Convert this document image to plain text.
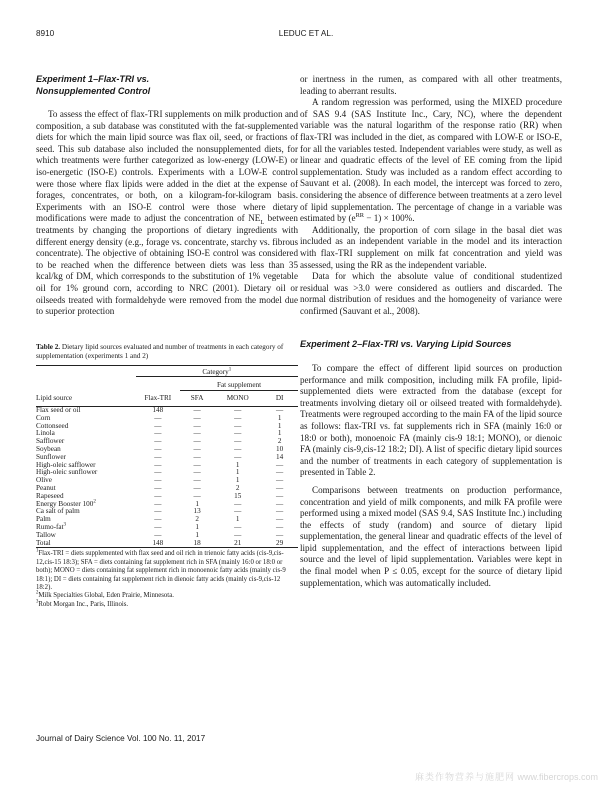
8910	LEDUC ET AL.
Experiment 1–Flax-TRI vs.
Nonsupplemented Control

To assess the effect of flax-TRI supplements on milk production and composition, a sub database was constituted with the fat-supplemented diets for which the main lipid source was flax oil, seed, or fractions of seed. This sub database also included the nonsupplemented diets, for which treatments were further categorized as low-energy (LOW-E) or iso-energetic (ISO-E) controls. Experiments with a LOW-E control were those where flax lipids were added in the diet at the expense of forages, concentrates, or both, on a kilogram-for-kilogram basis. Experiments with an ISO-E control were those where dietary modifications were made to adjust the concentration of $NE_L$ between treatments by changing the proportions of dietary ingredients with different energy density (e.g., forage vs. concentrate, starchy vs. fibrous concentrate). The objective of obtaining ISO-E control was considered to be reached when the difference between diets was less than 35 kcal/kg of DM, which corresponds to the substitution of 1% vegetable oil for 1% ground corn, according to NRC (2001). Dietary oil or oilseeds treated with formaldehyde were removed from the model due to superior protection

Table 2. Dietary lipid sources evaluated and number of treatments in each category of supplementation (experiments 1 and 2)

	Category$^1$

		Fat supplement		

Lipid source	Flax-TRI	SFA	MONO	DI
Flax seed or oil	148	—	—	—
Corn	—	—	—	1
Cottonseed	—	—	—	1
Linola	—	—	—	1
Safflower	—	—	—	2
Soybean	—	—	—	10
Sunflower	—	—	—	14
High-oleic safflower	—	—	1	—
High-oleic sunflower	—	—	1	—
Olive	—	—	1	—
Peanut	—	—	2	—
Rapeseed	—	—	15	—
Energy Booster $100^2$	—	1	—	—
Ca salt of palm	—	13	—	—
Palm	—	2	1	—
Rumo-fat$^3$	—	1	—	—
Tallow	—	1	—	—
Total	148	18	21	29

$^1$Flax-TRI = diets supplemented with flax seed and oil rich in trienoic fatty acids (cis-9,cis-12,cis-15 18:3); SFA = diets containing fat supplement rich in SFA (mainly 16:0 or 18:0 or both); MONO = diets containing fat supplement rich in monoenoic fatty acids (mainly cis-9 18:1); DI = diets containing fat supplement rich in dienoic fatty acids (mainly cis-9,cis-12 18:2).

$^2$Milk Specialties Global, Eden Prairie, Minnesota.

$^3$Robt Morgan Inc., Paris, Illinois.

or inertness in the rumen, as compared with all other treatments, leading to aberrant results.

A random regression was performed, using the MIXED procedure of SAS 9.4 (SAS Institute Inc., Cary, NC), where the dependent variable was the natural logarithm of the response ratio (RR) when flax-TRI was included in the diet, as compared with LOW-E or ISO-E, for all the variables tested. Independent variables were study, as well as linear and quadratic effects of the level of EE coming from the lipid supplementation. Study was included as a random effect according to Sauvant et al. (2008). In each model, the intercept was forced to zero, considering the absence of difference between treatments at a zero level of lipid supplementation. The percentage of change in a variable was estimated by $(e^{RR} - 1) \times 100\%$.

Additionally, the proportion of corn silage in the basal diet was included as an independent variable in the model and its interaction with flax-TRI supplement on milk fat concentration and yield was assessed, using the RR as the independent variable.

Data for which the absolute value of conditional studentized residual was >3.0 were considered as outliers and discarded. The normal distribution of residues and the homogeneity of variance were confirmed (Sauvant et al., 2008).

Experiment 2–Flax-TRI vs. Varying Lipid Sources

To compare the effect of different lipid sources on production performance and milk composition, including milk FA profile, lipid-supplemented diets were extracted from the database (except for treatments involving dietary oil or oilseed treated with formaldehyde). Treatments were regrouped according to the main FA of the lipid source as follows: flax-TRI vs. fat supplements rich in SFA (mainly 16:0 or 18:0 or both), monoenoic FA (mainly cis-9 18:1; MONO), or dienoic FA (mainly cis-9,cis-12 18:2; DI). A list of specific dietary lipid sources and the number of treatments in each category of supplementation is presented in Table 2.

Comparisons between treatments on production performance, concentration and yield of milk components, and milk FA profile were performed using a mixed model (SAS 9.4, SAS Institute Inc.) including the effects of study (random) and source of dietary lipid supplementation, the general linear and quadratic effects of the level of lipid supplementation, and the effect of interactions between lipid source and the level of lipid supplementation. Variables were kept in the final model when P ≤ 0.05, except for the source of dietary lipid supplementation, which was automatically included.

Journal of Dairy Science Vol. 100 No. 11, 2017
麻类作物营养与施肥网 www.fibercrops.com
